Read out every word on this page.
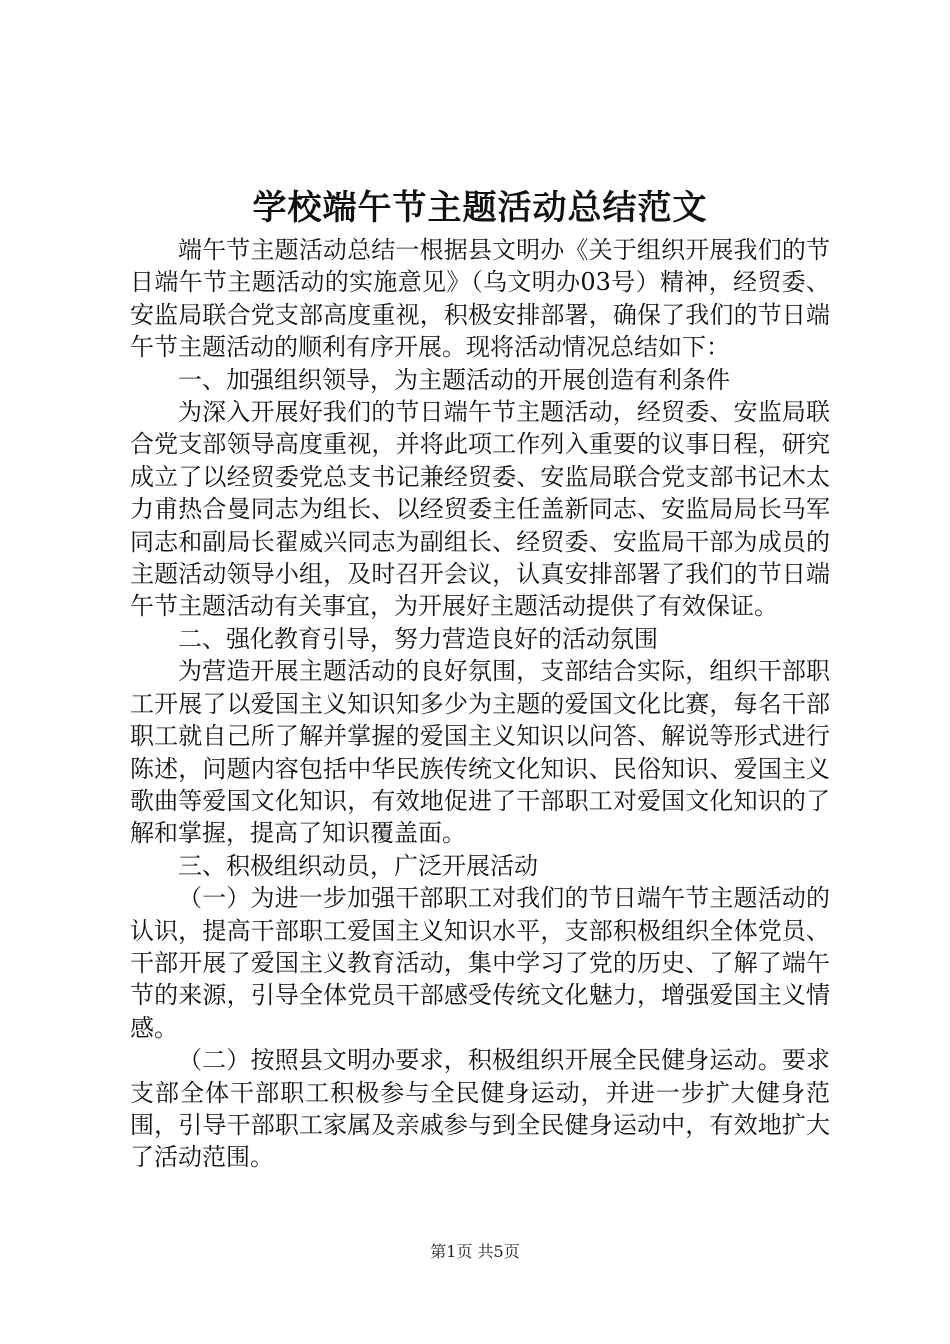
学校端午节主题活动总结范文

端午节主题活动总结一根据县文明办《关于组织开展我们的节日端午节主题活动的实施意见》（乌文明办03号）精神，经贸委、安监局联合党支部高度重视，积极安排部署，确保了我们的节日端午节主题活动的顺利有序开展。现将活动情况总结如下：

一、加强组织领导，为主题活动的开展创造有利条件

为深入开展好我们的节日端午节主题活动，经贸委、安监局联合党支部领导高度重视，并将此项工作列入重要的议事日程，研究成立了以经贸委党总支书记兼经贸委、安监局联合党支部书记木太力甫热合曼同志为组长、以经贸委主任盖新同志、安监局局长马军同志和副局长翟威兴同志为副组长、经贸委、安监局干部为成员的主题活动领导小组，及时召开会议，认真安排部署了我们的节日端午节主题活动有关事宜，为开展好主题活动提供了有效保证。

二、强化教育引导，努力营造良好的活动氛围

为营造开展主题活动的良好氛围，支部结合实际，组织干部职工开展了以爱国主义知识知多少为主题的爱国文化比赛，每名干部职工就自己所了解并掌握的爱国主义知识以问答、解说等形式进行陈述，问题内容包括中华民族传统文化知识、民俗知识、爱国主义歌曲等爱国文化知识，有效地促进了干部职工对爱国文化知识的了解和掌握，提高了知识覆盖面。

三、积极组织动员，广泛开展活动

（一）为进一步加强干部职工对我们的节日端午节主题活动的认识，提高干部职工爱国主义知识水平，支部积极组织全体党员、干部开展了爱国主义教育活动，集中学习了党的历史、了解了端午节的来源，引导全体党员干部感受传统文化魅力，增强爱国主义情感。

（二）按照县文明办要求，积极组织开展全民健身运动。要求支部全体干部职工积极参与全民健身运动，并进一步扩大健身范围，引导干部职工家属及亲戚参与到全民健身运动中，有效地扩大了活动范围。

第1页 共5页
